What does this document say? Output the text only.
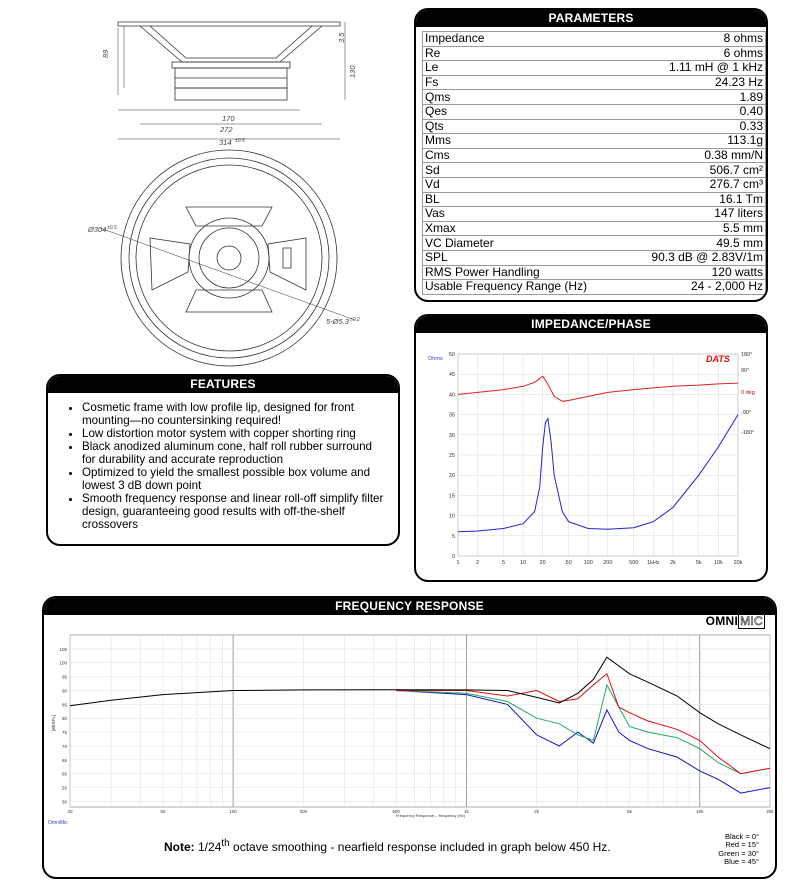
89
3.5
130
170
272
314 ±0.5
Ø304 ±0.5
5-Ø5.3 ±0.2
PARAMETERS
Impedance	8 ohms
Re	6 ohms
Le	1.11 mH @ 1 kHz
Fs	24.23 Hz
Qms	1.89
Qes	0.40
Qts	0.33
Mms	113.1g
Cms	0.38 mm/N
Sd	506.7 cm²
Vd	276.7 cm³
BL	16.1 Tm
Vas	147 liters
Xmax	5.5 mm
VC Diameter	49.5 mm
SPL	90.3 dB @ 2.83V/1m
RMS Power Handling	120 watts
Usable Frequency Range (Hz)	24 - 2,000 Hz
FEATURES
• Cosmetic frame with low profile lip, designed for front mounting—no countersinking required!
• Low distortion motor system with copper shorting ring
• Black anodized aluminum cone, half roll rubber surround for durability and accurate reproduction
• Optimized to yield the smallest possible box volume and lowest 3 dB down point
• Smooth frequency response and linear roll-off simplify filter design, guaranteeing good results with off-the-shelf crossovers
IMPEDANCE/PHASE
1	2	5	10 20	50 100 200	500 1kHz 2k	5k 10k 20k
0
5
10
15
20
25
30
35
40
45
50	180°
90°
0 deg
-90°
-180°
Ohms	DATS
FREQUENCY RESPONSE
OMNI MIC
20	50	100	200	500	1k	2k	5k	10k	20k
50
55
60
65
70
75
80
85
90
95
100
105
[dBSPL]
Frequency Response -- frequency [Hz]
OmniMic
Note: 1/24th octave smoothing - nearfield response included in graph below 450 Hz.
Black = 0°
Red = 15°
Green = 30°
Blue = 45°
